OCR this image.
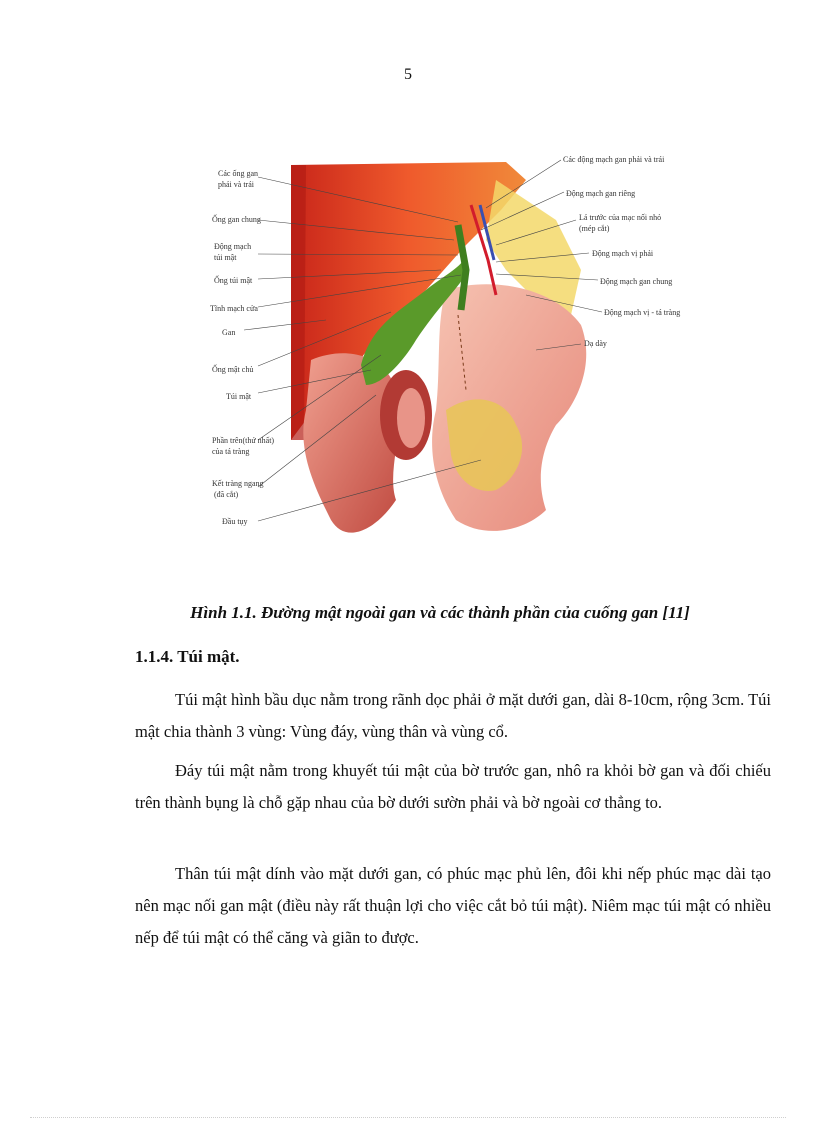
5
Các ống gan
phải và trái
Ống gan chung
Động mạch
túi mật
Ống túi mật
Tĩnh mạch cửa
Gan
Ống mật chủ
Túi mật
Phần trên(thứ nhất)
của tá tràng
Kết tràng ngang
(đã cắt)
Đầu tụy
Các động mạch gan phải và trái
Động mạch gan riêng
Lá trước của mạc nối nhỏ
(mép cắt)
Động mạch vị phải
Động mạch gan chung
Động mạch vị - tá tràng
Dạ dày
Hình 1.1. Đường mật ngoài gan và các thành phần của cuống gan [11]
1.1.4. Túi mật.

Túi mật hình bầu dục nằm trong rãnh dọc phải ở mặt dưới gan, dài 8-10cm, rộng 3cm. Túi mật chia thành 3 vùng: Vùng đáy, vùng thân và vùng cổ.

Đáy túi mật nằm trong khuyết túi mật của bờ trước gan, nhô ra khỏi bờ gan và đối chiếu trên thành bụng là chỗ gặp nhau của bờ dưới sườn phải và bờ ngoài cơ thẳng to.

Thân túi mật dính vào mặt dưới gan, có phúc mạc phủ lên, đôi khi nếp phúc mạc dài tạo nên mạc nối gan mật (điều này rất thuận lợi cho việc cắt bỏ túi mật). Niêm mạc túi mật có nhiều nếp để túi mật có thể căng và giãn to được.
